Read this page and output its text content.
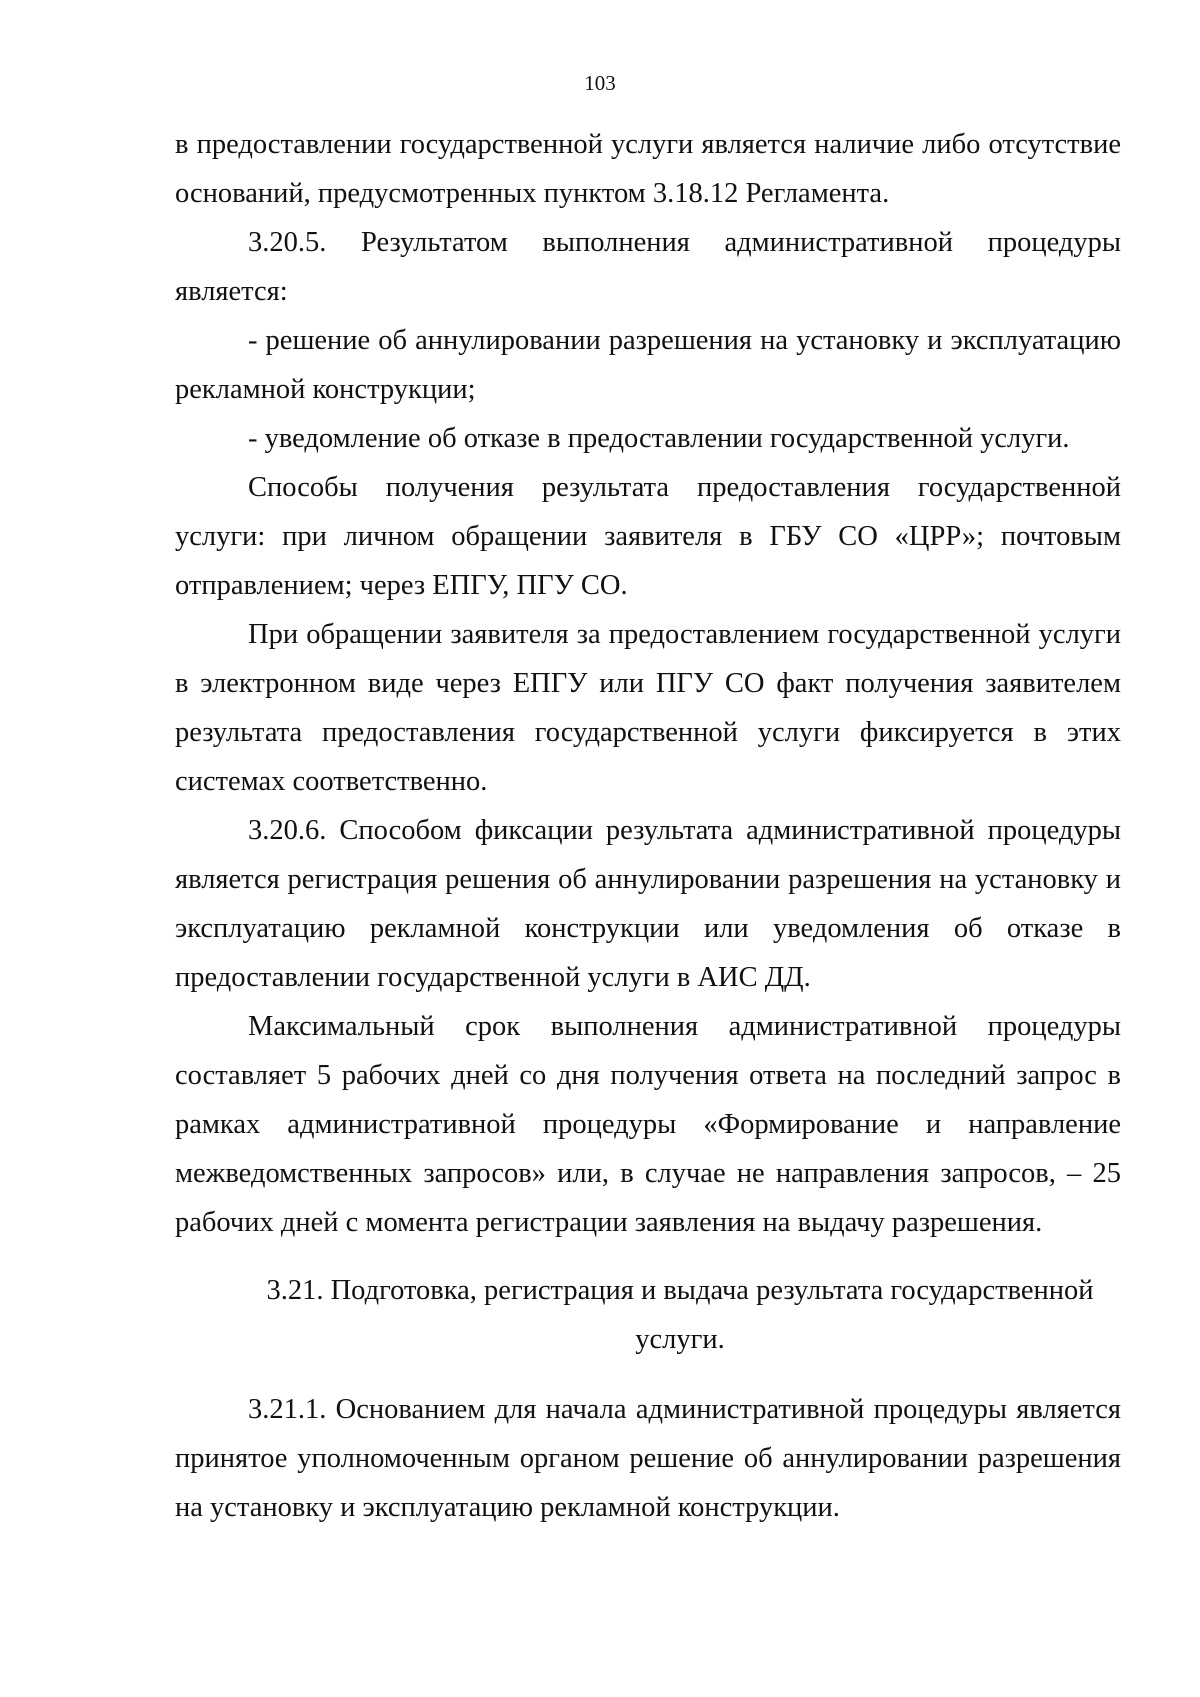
103

в предоставлении государственной услуги является наличие либо отсутствие оснований, предусмотренных пунктом 3.18.12 Регламента.

3.20.5. Результатом выполнения административной процедуры является:

- решение об аннулировании разрешения на установку и эксплуатацию рекламной конструкции;

- уведомление об отказе в предоставлении государственной услуги.

Способы получения результата предоставления государственной услуги: при личном обращении заявителя в ГБУ СО «ЦРР»; почтовым отправлением; через ЕПГУ, ПГУ СО.

При обращении заявителя за предоставлением государственной услуги в электронном виде через ЕПГУ или ПГУ СО факт получения заявителем результата предоставления государственной услуги фиксируется в этих системах соответственно.

3.20.6. Способом фиксации результата административной процедуры является регистрация решения об аннулировании разрешения на установку и эксплуатацию рекламной конструкции или уведомления об отказе в предоставлении государственной услуги в АИС ДД.

Максимальный срок выполнения административной процедуры составляет 5 рабочих дней со дня получения ответа на последний запрос в рамках административной процедуры «Формирование и направление межведомственных запросов» или, в случае не направления запросов, – 25 рабочих дней с момента регистрации заявления на выдачу разрешения.

3.21. Подготовка, регистрация и выдача результата государственной услуги.

3.21.1. Основанием для начала административной процедуры является принятое уполномоченным органом решение об аннулировании разрешения на установку и эксплуатацию рекламной конструкции.
